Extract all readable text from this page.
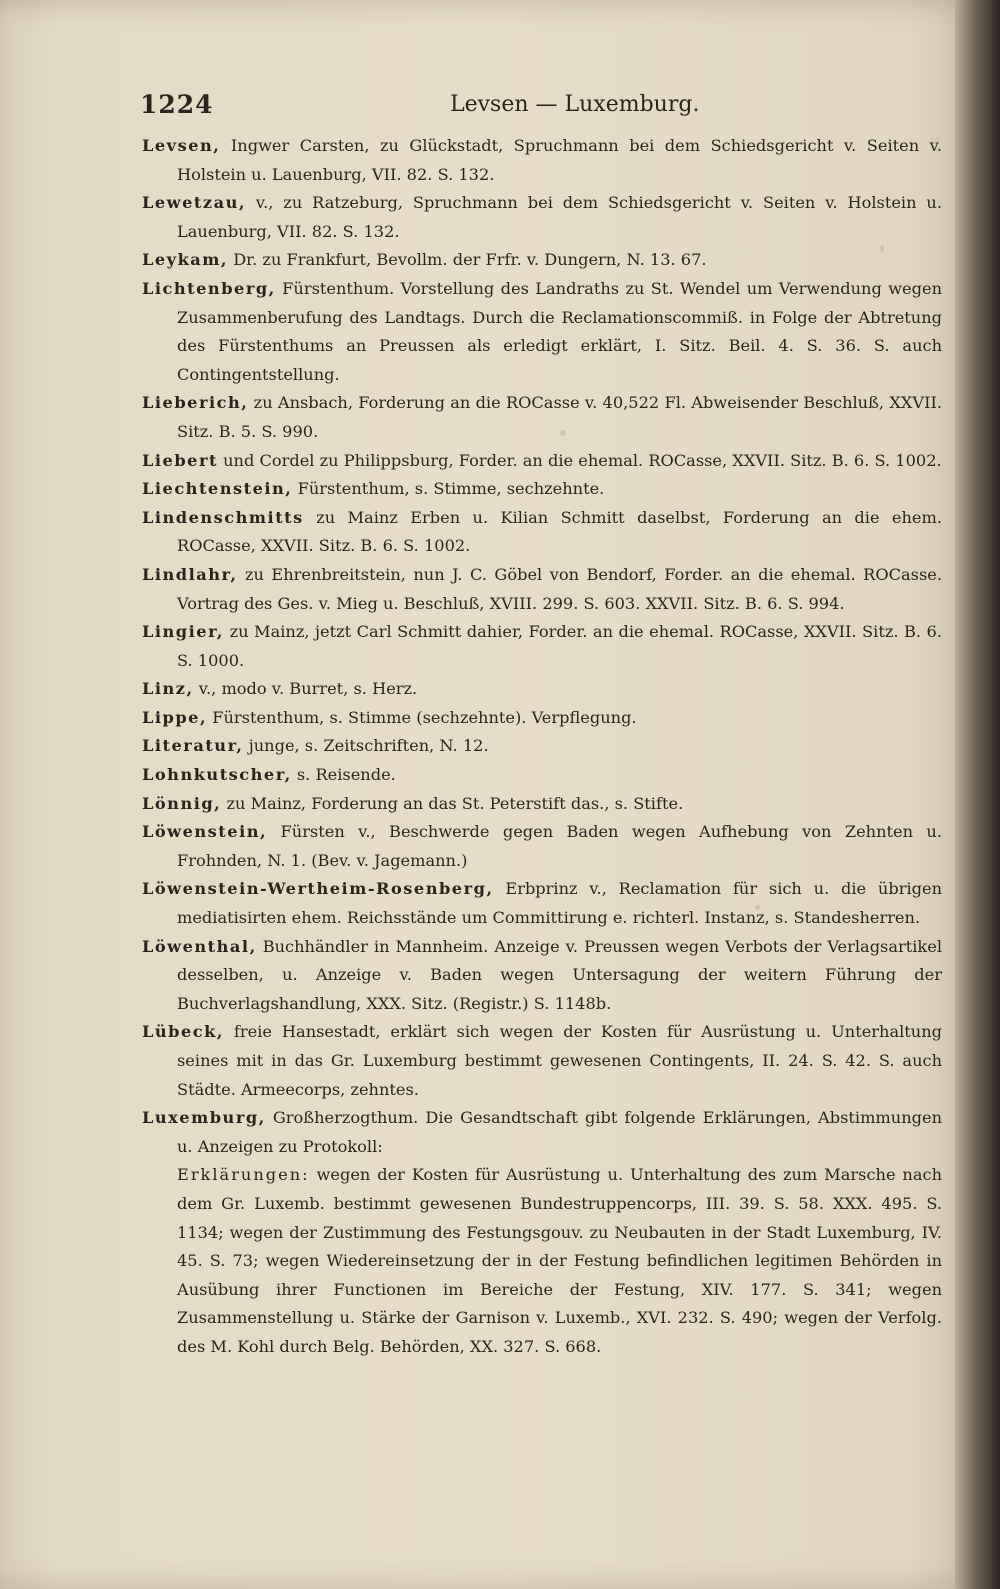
1224	Levsen — Luxemburg.
Levsen, Ingwer Carsten, zu Glückstadt, Spruchmann bei dem Schiedsgericht v. Seiten v. Holstein u. Lauenburg, VII. 82. S. 132.
Lewetzau, v., zu Ratzeburg, Spruchmann bei dem Schiedsgericht v. Seiten v. Holstein u. Lauenburg, VII. 82. S. 132.
Leykam, Dr. zu Frankfurt, Bevollm. der Frfr. v. Dungern, N. 13. 67.
Lichtenberg, Fürstenthum. Vorstellung des Landraths zu St. Wendel um Verwendung wegen Zusammenberufung des Landtags. Durch die Reclamationscommiß. in Folge der Abtretung des Fürstenthums an Preussen als erledigt erklärt, I. Sitz. Beil. 4. S. 36. S. auch Contingentstellung.
Lieberich, zu Ansbach, Forderung an die ROCasse v. 40,522 Fl. Abweisender Beschluß, XXVII. Sitz. B. 5. S. 990.
Liebert und Cordel zu Philippsburg, Forder. an die ehemal. ROCasse, XXVII. Sitz. B. 6. S. 1002.
Liechtenstein, Fürstenthum, s. Stimme, sechzehnte.
Lindenschmitts zu Mainz Erben u. Kilian Schmitt daselbst, Forderung an die ehem. ROCasse, XXVII. Sitz. B. 6. S. 1002.
Lindlahr, zu Ehrenbreitstein, nun J. C. Göbel von Bendorf, Forder. an die ehemal. ROCasse. Vortrag des Ges. v. Mieg u. Beschluß, XVIII. 299. S. 603. XXVII. Sitz. B. 6. S. 994.
Lingier, zu Mainz, jetzt Carl Schmitt dahier, Forder. an die ehemal. ROCasse, XXVII. Sitz. B. 6. S. 1000.
Linz, v., modo v. Burret, s. Herz.
Lippe, Fürstenthum, s. Stimme (sechzehnte). Verpflegung.
Literatur, junge, s. Zeitschriften, N. 12.
Lohnkutscher, s. Reisende.
Lönnig, zu Mainz, Forderung an das St. Peterstift das., s. Stifte.
Löwenstein, Fürsten v., Beschwerde gegen Baden wegen Aufhebung von Zehnten u. Frohnden, N. 1. (Bev. v. Jagemann.)
Löwenstein-Wertheim-Rosenberg, Erbprinz v., Reclamation für sich u. die übrigen mediatisirten ehem. Reichsstände um Committirung e. richterl. Instanz, s. Standesherren.
Löwenthal, Buchhändler in Mannheim. Anzeige v. Preussen wegen Verbots der Verlagsartikel desselben, u. Anzeige v. Baden wegen Untersagung der weitern Führung der Buchverlagshandlung, XXX. Sitz. (Registr.) S. 1148b.
Lübeck, freie Hansestadt, erklärt sich wegen der Kosten für Ausrüstung u. Unterhaltung seines mit in das Gr. Luxemburg bestimmt gewesenen Contingents, II. 24. S. 42. S. auch Städte. Armeecorps, zehntes.
Luxemburg, Großherzogthum. Die Gesandtschaft gibt folgende Erklärungen, Abstimmungen u. Anzeigen zu Protokoll:
Erklärungen: wegen der Kosten für Ausrüstung u. Unterhaltung des zum Marsche nach dem Gr. Luxemb. bestimmt gewesenen Bundestruppencorps, III. 39. S. 58. XXX. 495. S. 1134; wegen der Zustimmung des Festungsgouv. zu Neubauten in der Stadt Luxemburg, IV. 45. S. 73; wegen Wiedereinsetzung der in der Festung befindlichen legitimen Behörden in Ausübung ihrer Functionen im Bereiche der Festung, XIV. 177. S. 341; wegen Zusammenstellung u. Stärke der Garnison v. Luxemb., XVI. 232. S. 490; wegen der Verfolg. des M. Kohl durch Belg. Behörden, XX. 327. S. 668.
